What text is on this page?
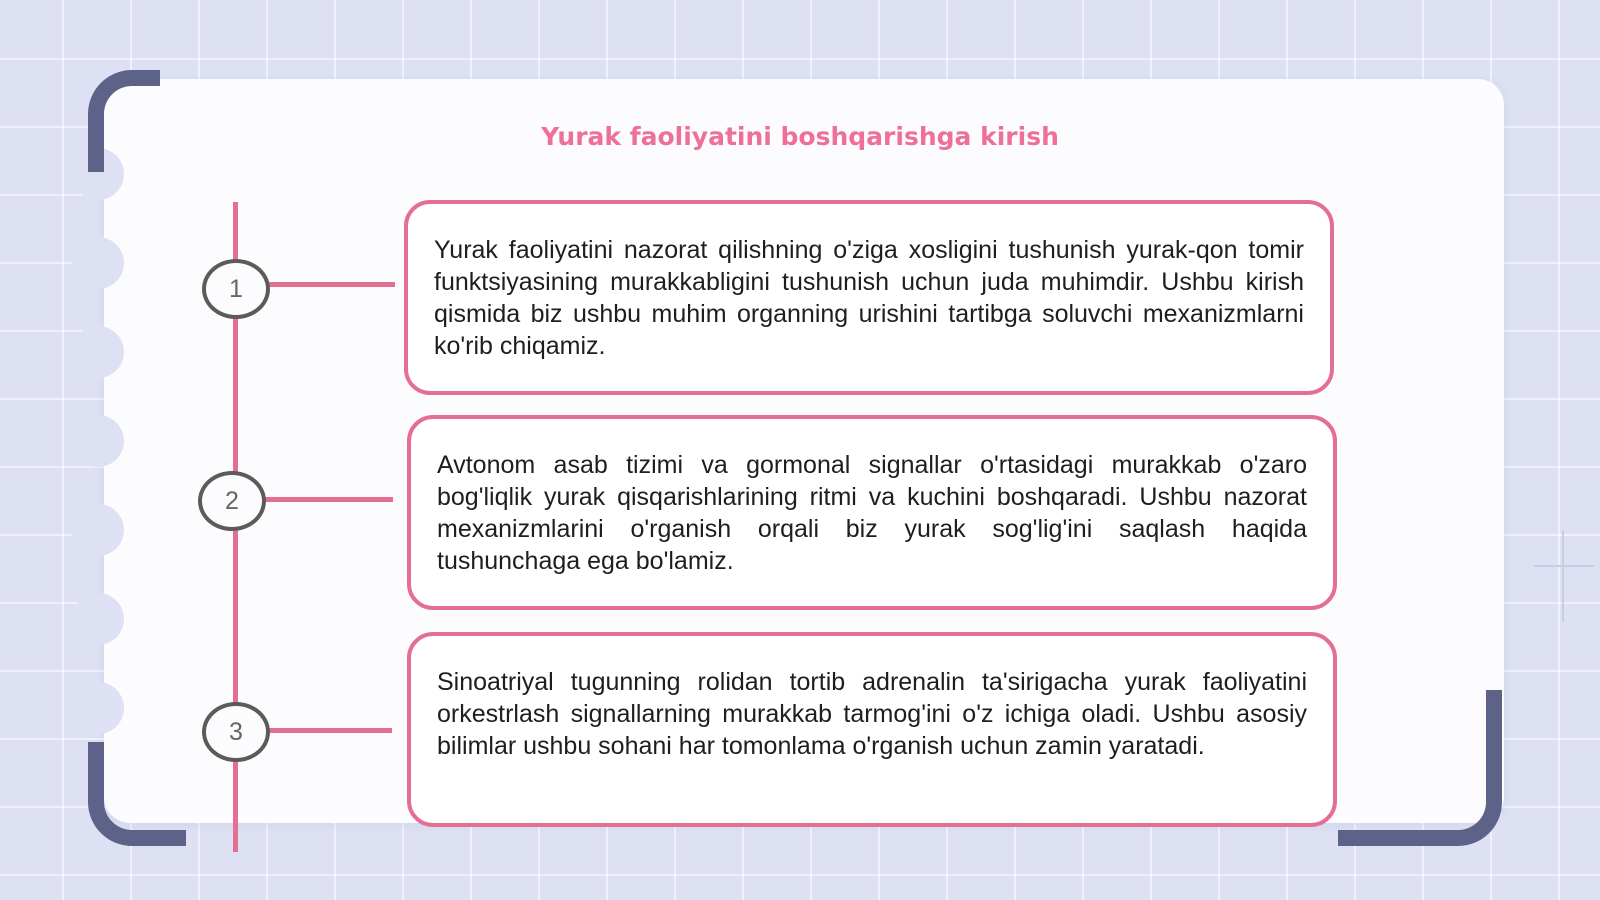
Yurak faoliyatini boshqarishga kirish
1
2
3
Yurak faoliyatini nazorat qilishning o'ziga xosligini tushunish yurak-qon tomir funktsiyasining murakkabligini tushunish uchun juda muhimdir. Ushbu kirish qismida biz ushbu muhim organning urishini tartibga soluvchi mexanizmlarni ko'rib chiqamiz.
Avtonom asab tizimi va gormonal signallar o'rtasidagi murakkab o'zaro bog'liqlik yurak qisqarishlarining ritmi va kuchini boshqaradi. Ushbu nazorat mexanizmlarini o'rganish orqali biz yurak sog'lig'ini saqlash haqida tushunchaga ega bo'lamiz.
Sinoatriyal tugunning rolidan tortib adrenalin ta'sirigacha yurak faoliyatini orkestrlash signallarning murakkab tarmog'ini o'z ichiga oladi. Ushbu asosiy bilimlar ushbu sohani har tomonlama o'rganish uchun zamin yaratadi.
